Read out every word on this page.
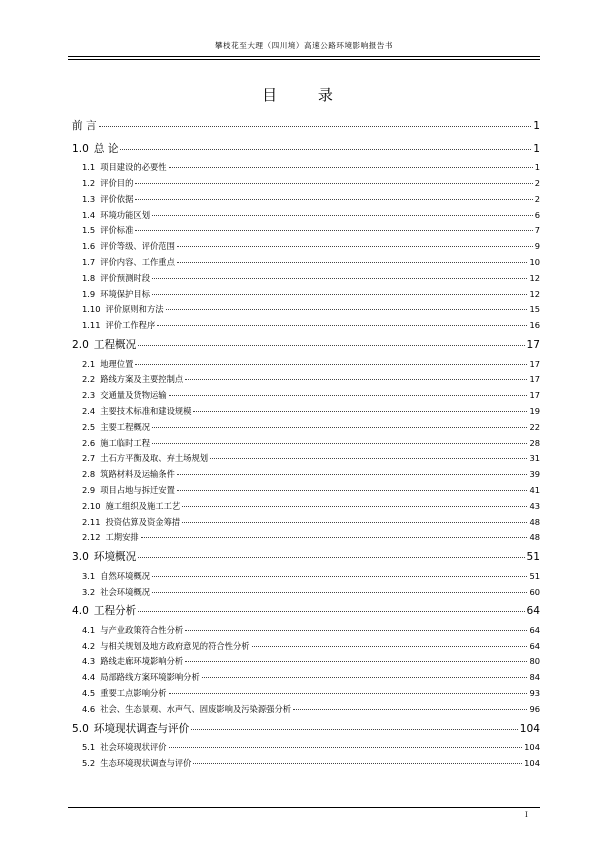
攀枝花至大理（四川境）高速公路环境影响报告书
目 录
前 言	1
1.0 总 论	1
1.1 项目建设的必要性	1
1.2 评价目的	2
1.3 评价依据	2
1.4 环境功能区划	6
1.5 评价标准	7
1.6 评价等级、评价范围	9
1.7 评价内容、工作重点	10
1.8 评价预测时段	12
1.9 环境保护目标	12
1.10 评价原则和方法	15
1.11 评价工作程序	16
2.0 工程概况	17
2.1 地理位置	17
2.2 路线方案及主要控制点	17
2.3 交通量及货物运输	17
2.4 主要技术标准和建设规模	19
2.5 主要工程概况	22
2.6 施工临时工程	28
2.7 土石方平衡及取、弃土场规划	31
2.8 筑路材料及运输条件	39
2.9 项目占地与拆迁安置	41
2.10 施工组织及施工工艺	43
2.11 投资估算及资金筹措	48
2.12 工期安排	48
3.0 环境概况	51
3.1 自然环境概况	51
3.2 社会环境概况	60
4.0 工程分析	64
4.1 与产业政策符合性分析	64
4.2 与相关规划及地方政府意见的符合性分析	64
4.3 路线走廊环境影响分析	80
4.4 局部路线方案环境影响分析	84
4.5 重要工点影响分析	93
4.6 社会、生态景观、水声气、固废影响及污染源强分析	96
5.0 环境现状调查与评价	104
5.1 社会环境现状评价	104
5.2 生态环境现状调查与评价	104
I
